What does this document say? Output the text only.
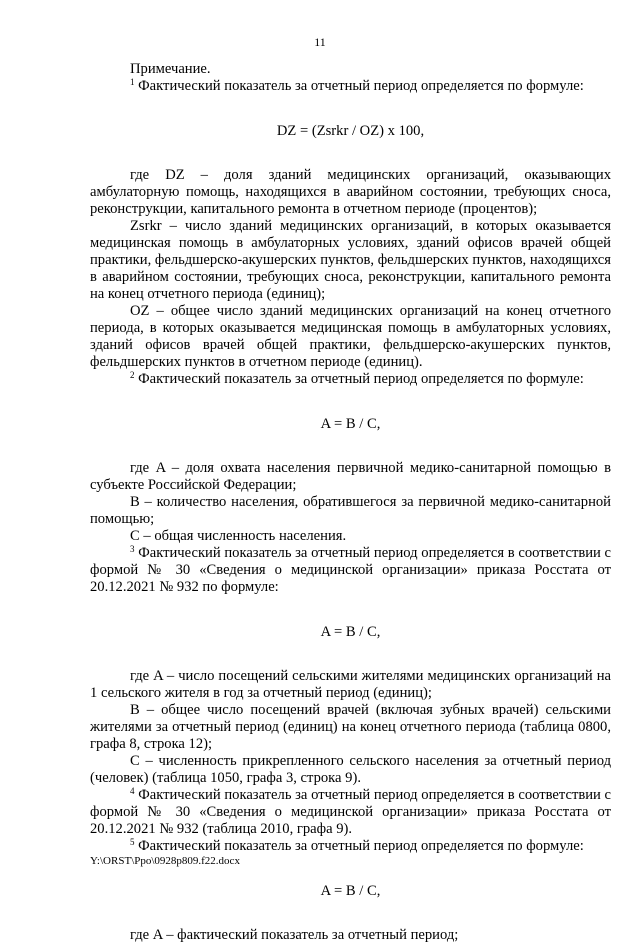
11

Примечание.

$^1$ Фактический показатель за отчетный период определяется по формуле:

DZ = (Zsrkr / OZ) x 100,

где DZ – доля зданий медицинских организаций, оказывающих амбулаторную помощь, находящихся в аварийном состоянии, требующих сноса, реконструкции, капитального ремонта в отчетном периоде (процентов);

Zsrkr – число зданий медицинских организаций, в которых оказывается медицинская помощь в амбулаторных условиях, зданий офисов врачей общей практики, фельдшерско-акушерских пунктов, фельдшерских пунктов, находящихся в аварийном состоянии, требующих сноса, реконструкции, капитального ремонта на конец отчетного периода (единиц);

OZ – общее число зданий медицинских организаций на конец отчетного периода, в которых оказывается медицинская помощь в амбулаторных условиях, зданий офисов врачей общей практики, фельдшерско-акушерских пунктов, фельдшерских пунктов в отчетном периоде (единиц).

$^2$ Фактический показатель за отчетный период определяется по формуле:

A = B / C,

где A – доля охвата населения первичной медико-санитарной помощью в субъекте Российской Федерации;

B – количество населения, обратившегося за первичной медико-санитарной помощью;

C – общая численность населения.

$^3$ Фактический показатель за отчетный период определяется в соответствии с формой № 30 «Сведения о медицинской организации» приказа Росстата от 20.12.2021 № 932 по формуле:

A = B / C,

где A – число посещений сельскими жителями медицинских организаций на 1 сельского жителя в год за отчетный период (единиц);

B – общее число посещений врачей (включая зубных врачей) сельскими жителями за отчетный период (единиц) на конец отчетного периода (таблица 0800, графа 8, строка 12);

C – численность прикрепленного сельского населения за отчетный период (человек) (таблица 1050, графа 3, строка 9).

$^4$ Фактический показатель за отчетный период определяется в соответствии с формой № 30 «Сведения о медицинской организации» приказа Росстата от 20.12.2021 № 932 (таблица 2010, графа 9).

$^5$ Фактический показатель за отчетный период определяется по формуле:

A = B / C,

где A – фактический показатель за отчетный период;

Y:\ORST\Ppo\0928p809.f22.docx
